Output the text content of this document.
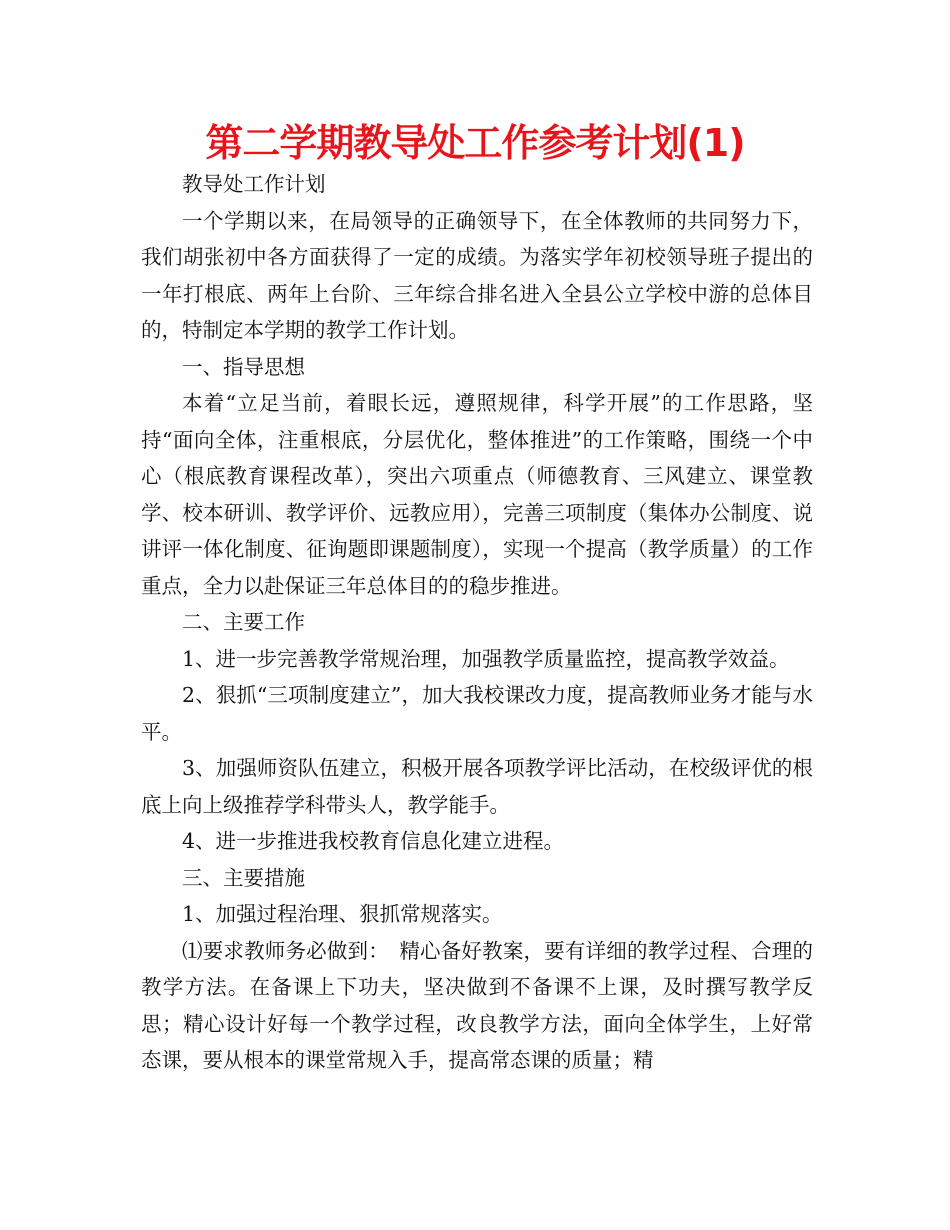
第二学期教导处工作参考计划(1)

教导处工作计划

一个学期以来，在局领导的正确领导下，在全体教师的共同努力下，我们胡张初中各方面获得了一定的成绩。为落实学年初校领导班子提出的一年打根底、两年上台阶、三年综合排名进入全县公立学校中游的总体目的，特制定本学期的教学工作计划。

一、指导思想

本着“立足当前，着眼长远，遵照规律，科学开展”的工作思路，坚持“面向全体，注重根底，分层优化，整体推进”的工作策略，围绕一个中心（根底教育课程改革），突出六项重点（师德教育、三风建立、课堂教学、校本研训、教学评价、远教应用），完善三项制度（集体办公制度、说讲评一体化制度、征询题即课题制度），实现一个提高（教学质量）的工作重点，全力以赴保证三年总体目的的稳步推进。

二、主要工作

1、进一步完善教学常规治理，加强教学质量监控，提高教学效益。

2、狠抓“三项制度建立”，加大我校课改力度，提高教师业务才能与水平。

3、加强师资队伍建立，积极开展各项教学评比活动，在校级评优的根底上向上级推荐学科带头人，教学能手。

4、进一步推进我校教育信息化建立进程。

三、主要措施

1、加强过程治理、狠抓常规落实。

⑴要求教师务必做到：　精心备好教案，要有详细的教学过程、合理的教学方法。在备课上下功夫，坚决做到不备课不上课，及时撰写教学反思；精心设计好每一个教学过程，改良教学方法，面向全体学生，上好常态课，要从根本的课堂常规入手，提高常态课的质量；精
